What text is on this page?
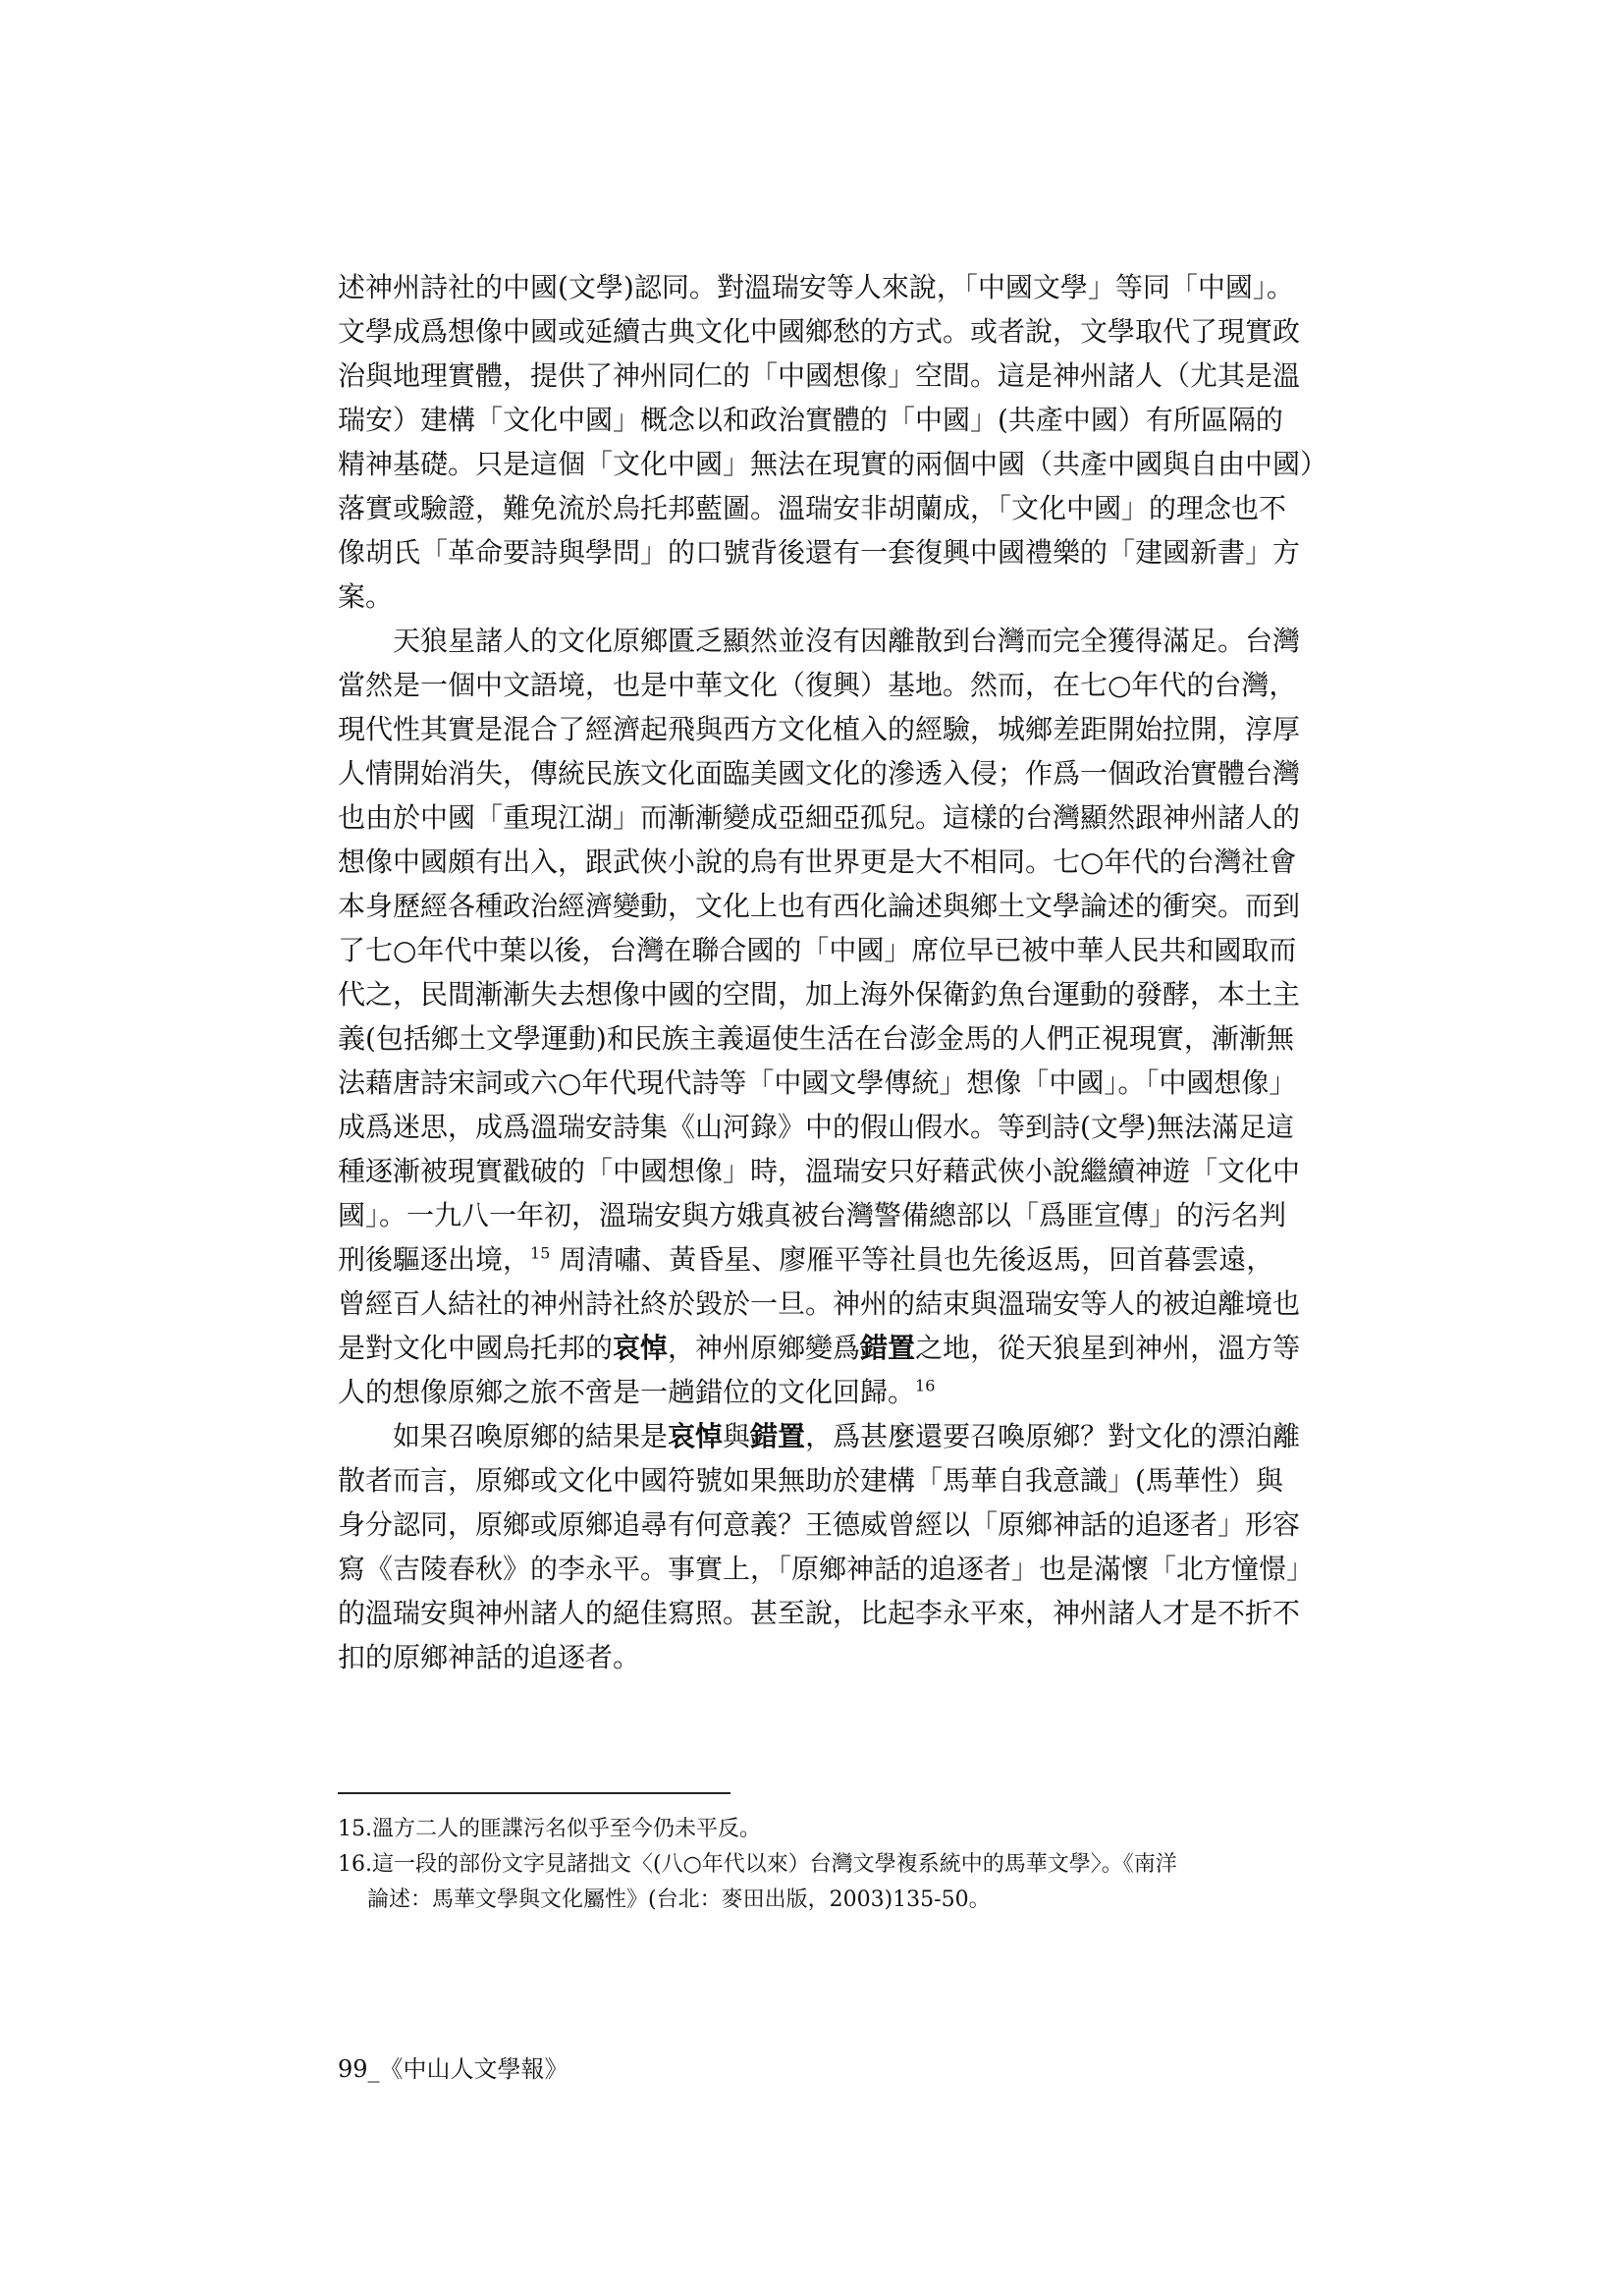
述神州詩社的中國(文學)認同。對溫瑞安等人來說，「中國文學」等同「中國」。
文學成爲想像中國或延續古典文化中國鄉愁的方式。或者說，文學取代了現實政
治與地理實體，提供了神州同仁的「中國想像」空間。這是神州諸人（尤其是溫
瑞安）建構「文化中國」概念以和政治實體的「中國」(共產中國）有所區隔的
精神基礎。只是這個「文化中國」無法在現實的兩個中國（共產中國與自由中國）
落實或驗證，難免流於烏托邦藍圖。溫瑞安非胡蘭成，「文化中國」的理念也不
像胡氏「革命要詩與學問」的口號背後還有一套復興中國禮樂的「建國新書」方
案。
天狼星諸人的文化原鄉匱乏顯然並沒有因離散到台灣而完全獲得滿足。台灣
當然是一個中文語境，也是中華文化（復興）基地。然而，在七○年代的台灣，
現代性其實是混合了經濟起飛與西方文化植入的經驗，城鄉差距開始拉開，淳厚
人情開始消失，傳統民族文化面臨美國文化的滲透入侵；作爲一個政治實體台灣
也由於中國「重現江湖」而漸漸變成亞細亞孤兒。這樣的台灣顯然跟神州諸人的
想像中國頗有出入，跟武俠小說的烏有世界更是大不相同。七○年代的台灣社會
本身歷經各種政治經濟變動，文化上也有西化論述與鄉土文學論述的衝突。而到
了七○年代中葉以後，台灣在聯合國的「中國」席位早已被中華人民共和國取而
代之，民間漸漸失去想像中國的空間，加上海外保衛釣魚台運動的發酵，本土主
義(包括鄉土文學運動)和民族主義逼使生活在台澎金馬的人們正視現實，漸漸無
法藉唐詩宋詞或六○年代現代詩等「中國文學傳統」想像「中國」。「中國想像」
成爲迷思，成爲溫瑞安詩集《山河錄》中的假山假水。等到詩(文學)無法滿足這
種逐漸被現實戳破的「中國想像」時，溫瑞安只好藉武俠小說繼續神遊「文化中
國」。一九八一年初，溫瑞安與方娥真被台灣警備總部以「爲匪宣傳」的污名判
刑後驅逐出境，$^{15}$ 周清嘯、黃昏星、廖雁平等社員也先後返馬，回首暮雲遠，
曾經百人結社的神州詩社終於毀於一旦。神州的結束與溫瑞安等人的被迫離境也
是對文化中國烏托邦的哀悼，神州原鄉變爲錯置之地，從天狼星到神州，溫方等
人的想像原鄉之旅不啻是一趟錯位的文化回歸。$^{16}$
如果召喚原鄉的結果是哀悼與錯置，爲甚麼還要召喚原鄉？對文化的漂泊離
散者而言，原鄉或文化中國符號如果無助於建構「馬華自我意識」(馬華性）與
身分認同，原鄉或原鄉追尋有何意義？王德威曾經以「原鄉神話的追逐者」形容
寫《吉陵春秋》的李永平。事實上，「原鄉神話的追逐者」也是滿懷「北方憧憬」
的溫瑞安與神州諸人的絕佳寫照。甚至說，比起李永平來，神州諸人才是不折不
扣的原鄉神話的追逐者。
15.溫方二人的匪諜污名似乎至今仍未平反。
16.這一段的部份文字見諸拙文〈(八○年代以來）台灣文學複系統中的馬華文學〉。《南洋
論述：馬華文學與文化屬性》(台北：麥田出版，2003)135-50。
99_《中山人文學報》
